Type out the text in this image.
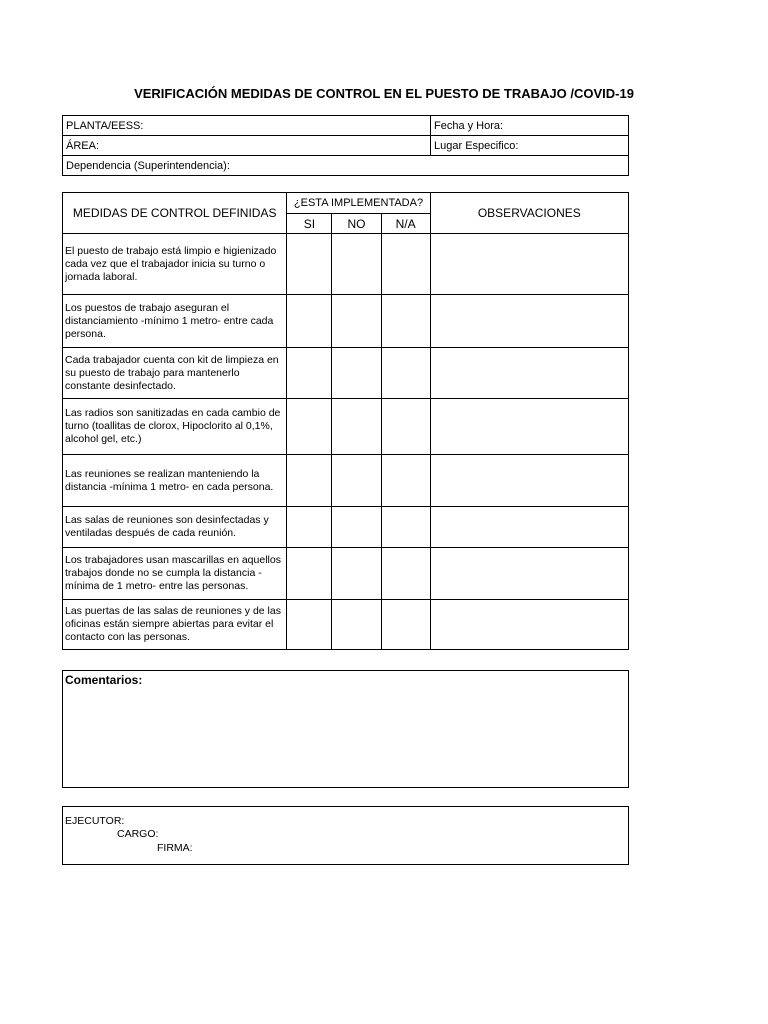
VERIFICACIÓN MEDIDAS DE CONTROL EN EL PUESTO DE TRABAJO /COVID-19
PLANTA/EESS:	Fecha y Hora:
ÁREA:	Lugar Especifico:
Dependencia (Superintendencia):	
MEDIDAS DE CONTROL DEFINIDAS	¿ESTA IMPLEMENTADA?			OBSERVACIONES
	SI	NO	N/A	
El puesto de trabajo está limpio e higienizado cada vez que el trabajador inicia su turno o jornada laboral.				
Los puestos de trabajo aseguran el distanciamiento -mínimo 1 metro- entre cada persona.				
Cada trabajador cuenta con kit de limpieza en su puesto de trabajo para mantenerlo constante desinfectado.				
Las radios son sanitizadas en cada cambio de turno (toallitas de clorox, Hipoclorito al 0,1%, alcohol gel, etc.)				
Las reuniones se realizan manteniendo la distancia -mínima 1 metro- en cada persona.				
Las salas de reuniones son desinfectadas y ventiladas después de cada reunión.				
Los trabajadores usan mascarillas en aquellos trabajos donde no se cumpla la distancia -mínima de 1 metro- entre las personas.				
Las puertas de las salas de reuniones y de las oficinas están siempre abiertas para evitar el contacto con las personas.				
Comentarios:
EJECUTOR:
CARGO:
FIRMA:
